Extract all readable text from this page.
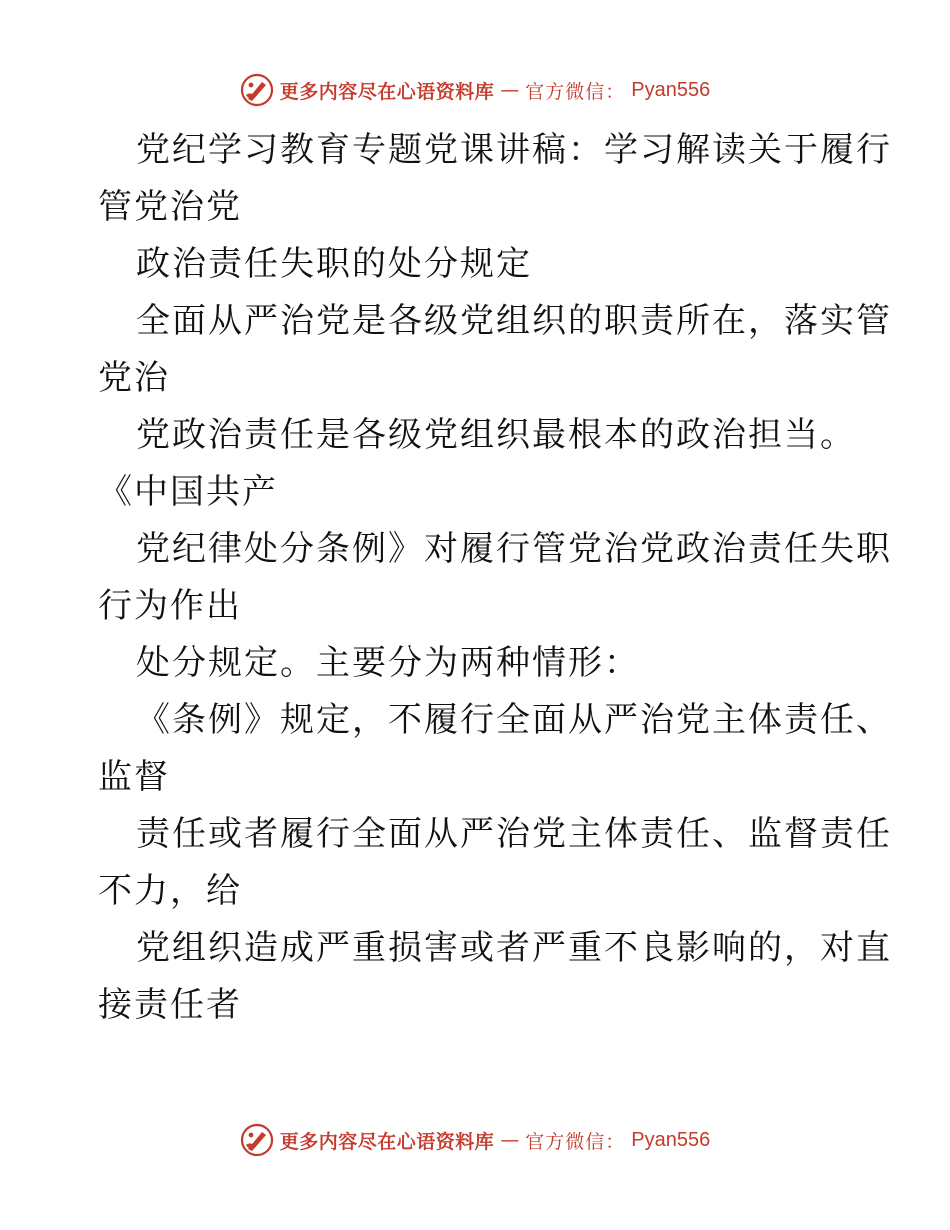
更多内容尽在心语资料库 — 官方微信： Pyan556
党纪学习教育专题党课讲稿：学习解读关于履行
管党治党
政治责任失职的处分规定
全面从严治党是各级党组织的职责所在，落实管
党治
党政治责任是各级党组织最根本的政治担当。
《中国共产
党纪律处分条例》对履行管党治党政治责任失职
行为作出
处分规定。主要分为两种情形：
《条例》规定，不履行全面从严治党主体责任、
监督
责任或者履行全面从严治党主体责任、监督责任
不力，给
党组织造成严重损害或者严重不良影响的，对直
接责任者
更多内容尽在心语资料库 — 官方微信： Pyan556
